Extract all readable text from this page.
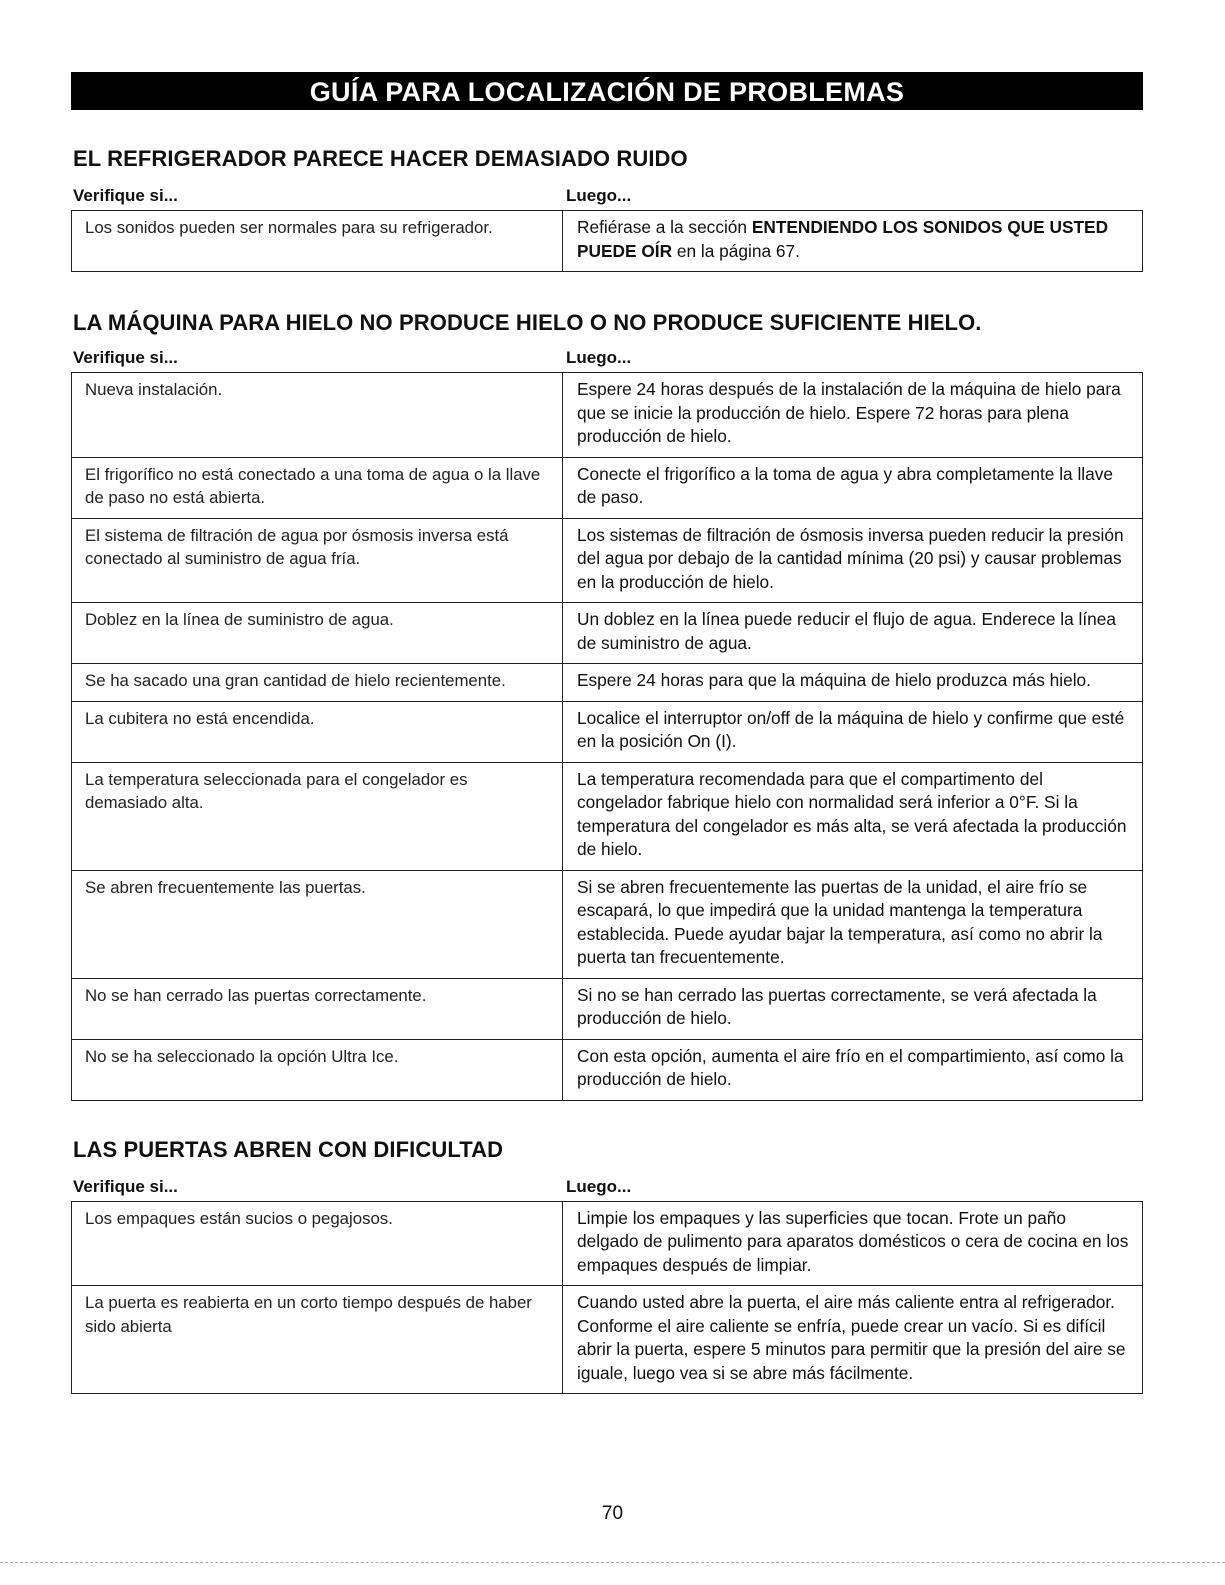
GUÍA PARA LOCALIZACIÓN DE PROBLEMAS
EL REFRIGERADOR PARECE HACER DEMASIADO RUIDO
Verifique si...	Luego...
Los sonidos pueden ser normales para su refrigerador.	Refiérase a la sección ENTENDIENDO LOS SONIDOS QUE USTED PUEDE OÍR en la página 67.
LA MÁQUINA PARA HIELO NO PRODUCE HIELO O NO PRODUCE SUFICIENTE HIELO.
Verifique si...	Luego...
Nueva instalación.	Espere 24 horas después de la instalación de la máquina de hielo para que se inicie la producción de hielo. Espere 72 horas para plena producción de hielo.
El frigorífico no está conectado a una toma de agua o la llave de paso no está abierta.	Conecte el frigorífico a la toma de agua y abra completamente la llave de paso.
El sistema de filtración de agua por ósmosis inversa está conectado al suministro de agua fría.	Los sistemas de filtración de ósmosis inversa pueden reducir la presión del agua por debajo de la cantidad mínima (20 psi) y causar problemas en la producción de hielo.
Doblez en la línea de suministro de agua.	Un doblez en la línea puede reducir el flujo de agua. Enderece la línea de suministro de agua.
Se ha sacado una gran cantidad de hielo recientemente.	Espere 24 horas para que la máquina de hielo produzca más hielo.
La cubitera no está encendida.	Localice el interruptor on/off de la máquina de hielo y confirme que esté en la posición On (I).
La temperatura seleccionada para el congelador es demasiado alta.	La temperatura recomendada para que el compartimento del congelador fabrique hielo con normalidad será inferior a 0°F. Si la temperatura del congelador es más alta, se verá afectada la producción de hielo.
Se abren frecuentemente las puertas.	Si se abren frecuentemente las puertas de la unidad, el aire frío se escapará, lo que impedirá que la unidad mantenga la temperatura establecida. Puede ayudar bajar la temperatura, así como no abrir la puerta tan frecuentemente.
No se han cerrado las puertas correctamente.	Si no se han cerrado las puertas correctamente, se verá afectada la producción de hielo.
No se ha seleccionado la opción Ultra Ice.	Con esta opción, aumenta el aire frío en el compartimiento, así como la producción de hielo.
LAS PUERTAS ABREN CON DIFICULTAD
Verifique si...	Luego...
Los empaques están sucios o pegajosos.	Limpie los empaques y las superficies que tocan. Frote un paño delgado de pulimento para aparatos domésticos o cera de cocina en los empaques después de limpiar.
La puerta es reabierta en un corto tiempo después de haber sido abierta	Cuando usted abre la puerta, el aire más caliente entra al refrigerador. Conforme el aire caliente se enfría, puede crear un vacío. Si es difícil abrir la puerta, espere 5 minutos para permitir que la presión del aire se iguale, luego vea si se abre más fácilmente.
70
